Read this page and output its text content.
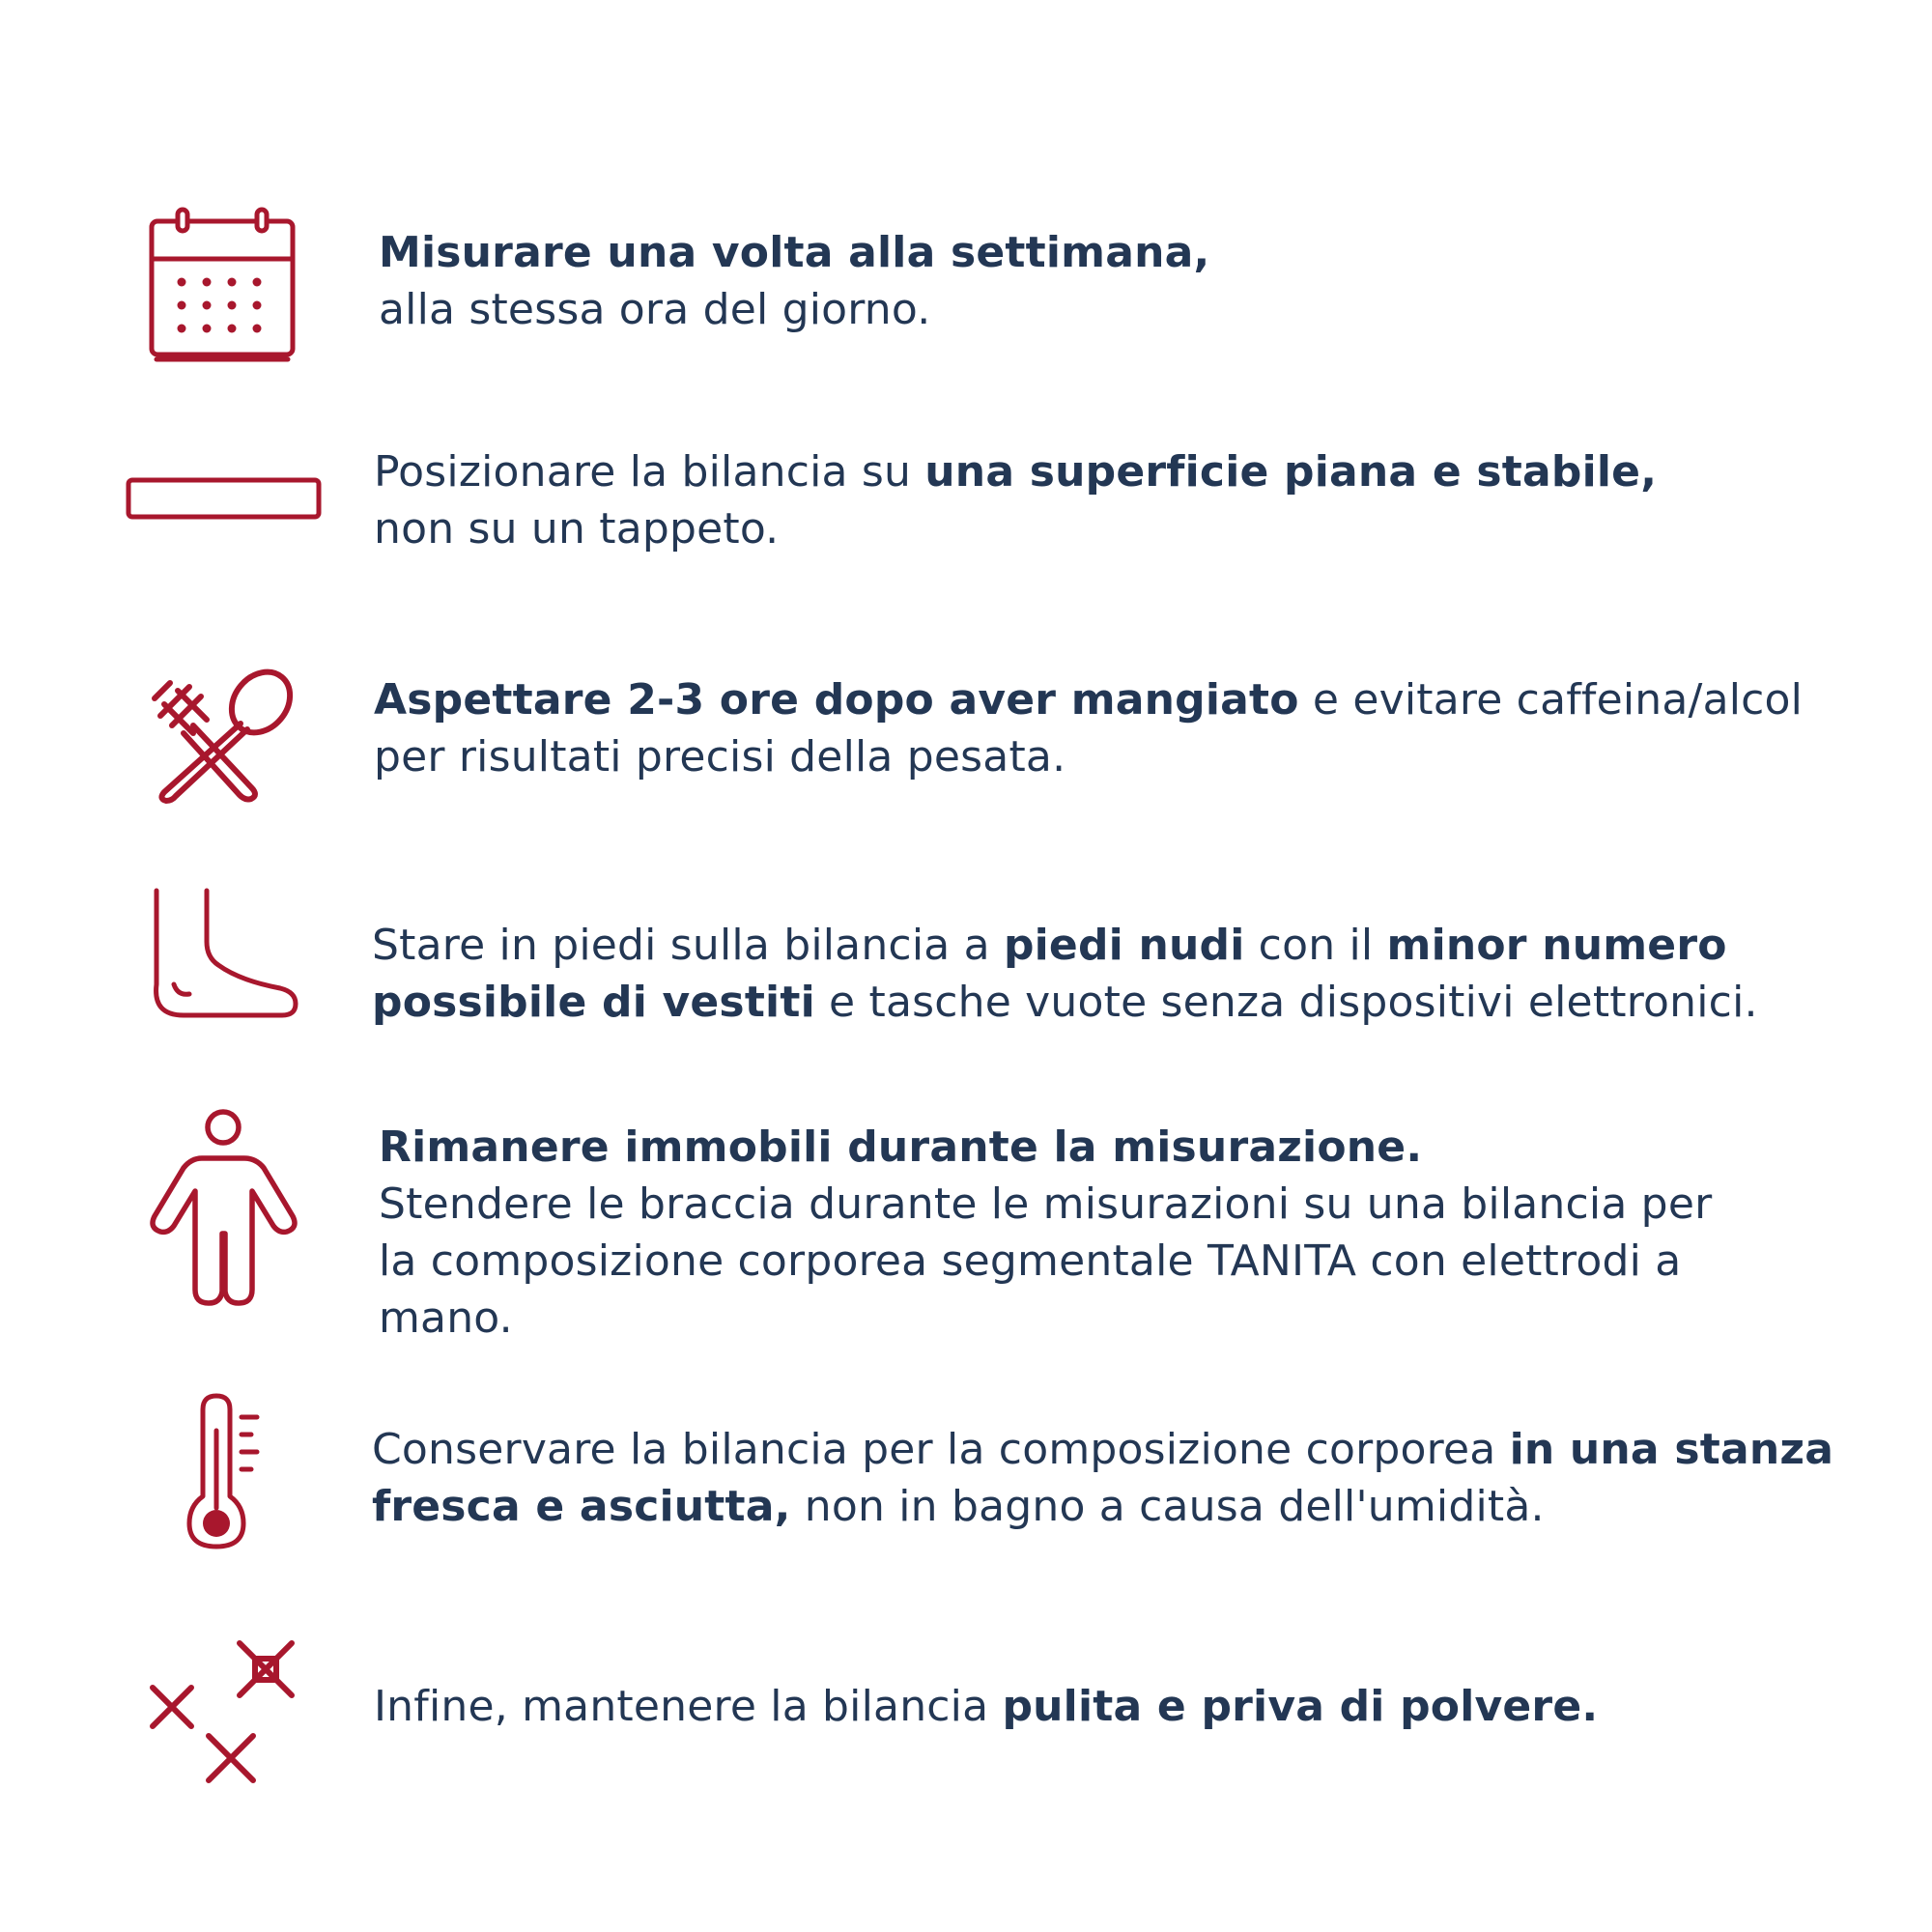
Misurare una volta alla settimana,
alla stessa ora del giorno.
Posizionare la bilancia su una superficie piana e stabile,
non su un tappeto.
Aspettare 2-3 ore dopo aver mangiato e evitare caffeina/alcol per risultati precisi della pesata.
Stare in piedi sulla bilancia a piedi nudi con il minor numero possibile di vestiti e tasche vuote senza dispositivi elettronici.
Rimanere immobili durante la misurazione.
Stendere le braccia durante le misurazioni su una bilancia per la composizione corporea segmentale TANITA con elettrodi a mano.
Conservare la bilancia per la composizione corporea in una stanza fresca e asciutta, non in bagno a causa dell'umidità.
Infine, mantenere la bilancia pulita e priva di polvere.
